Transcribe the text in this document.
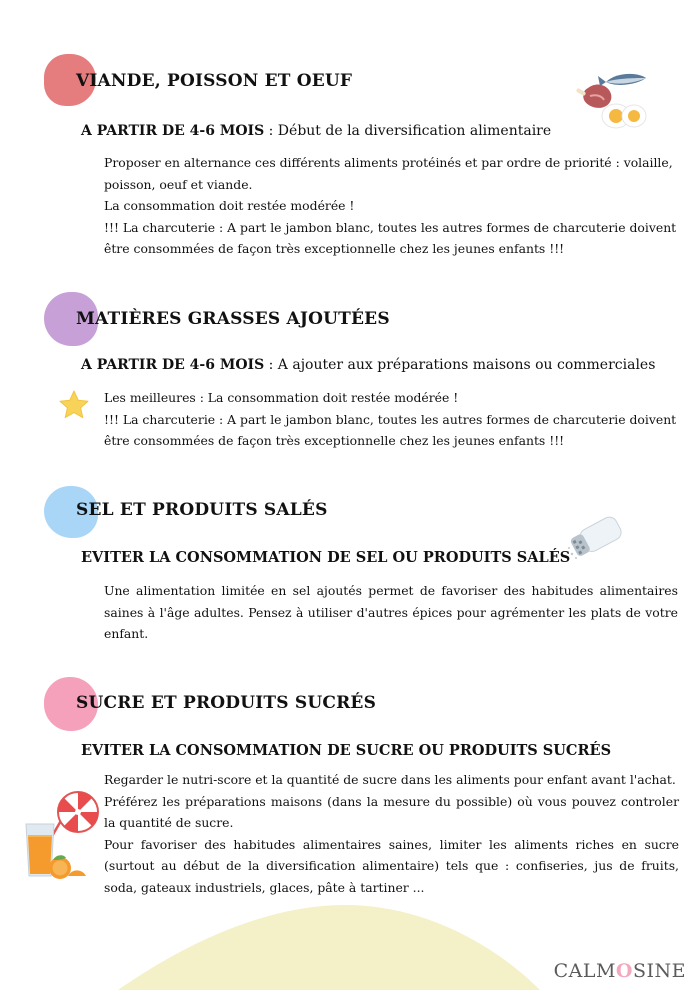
VIANDE, POISSON ET OEUF
A PARTIR DE 4-6 MOIS : Début de la diversification alimentaire

Proposer en alternance ces différents aliments protéinés et par ordre de priorité : volaille, poisson, oeuf et viande.

La consommation doit restée modérée !

!!! La charcuterie : A part le jambon blanc, toutes les autres formes de charcuterie doivent être consommées de façon très exceptionnelle chez les jeunes enfants !!!

MATIÈRES GRASSES AJOUTÉES
A PARTIR DE 4-6 MOIS : A ajouter aux préparations maisons ou commerciales

Les meilleures : La consommation doit restée modérée !

!!! La charcuterie : A part le jambon blanc, toutes les autres formes de charcuterie doivent être consommées de façon très exceptionnelle chez les jeunes enfants !!!

SEL ET PRODUITS SALÉS
EVITER LA CONSOMMATION DE SEL OU PRODUITS SALÉS

Une alimentation limitée en sel ajoutés permet de favoriser des habitudes alimentaires saines à l'âge adultes. Pensez à utiliser d'autres épices pour agrémenter les plats de votre enfant.

SUCRE ET PRODUITS SUCRÉS
EVITER LA CONSOMMATION DE SUCRE OU PRODUITS SUCRÉS

Regarder le nutri-score et la quantité de sucre dans les aliments pour enfant avant l'achat.

Préférez les préparations maisons (dans la mesure du possible) où vous pouvez controler la quantité de sucre.

Pour favoriser des habitudes alimentaires saines, limiter les aliments riches en sucre (surtout au début de la diversification alimentaire) tels que : confiseries, jus de fruits, soda, gateaux industriels, glaces, pâte à tartiner ...

CALMOSINE
